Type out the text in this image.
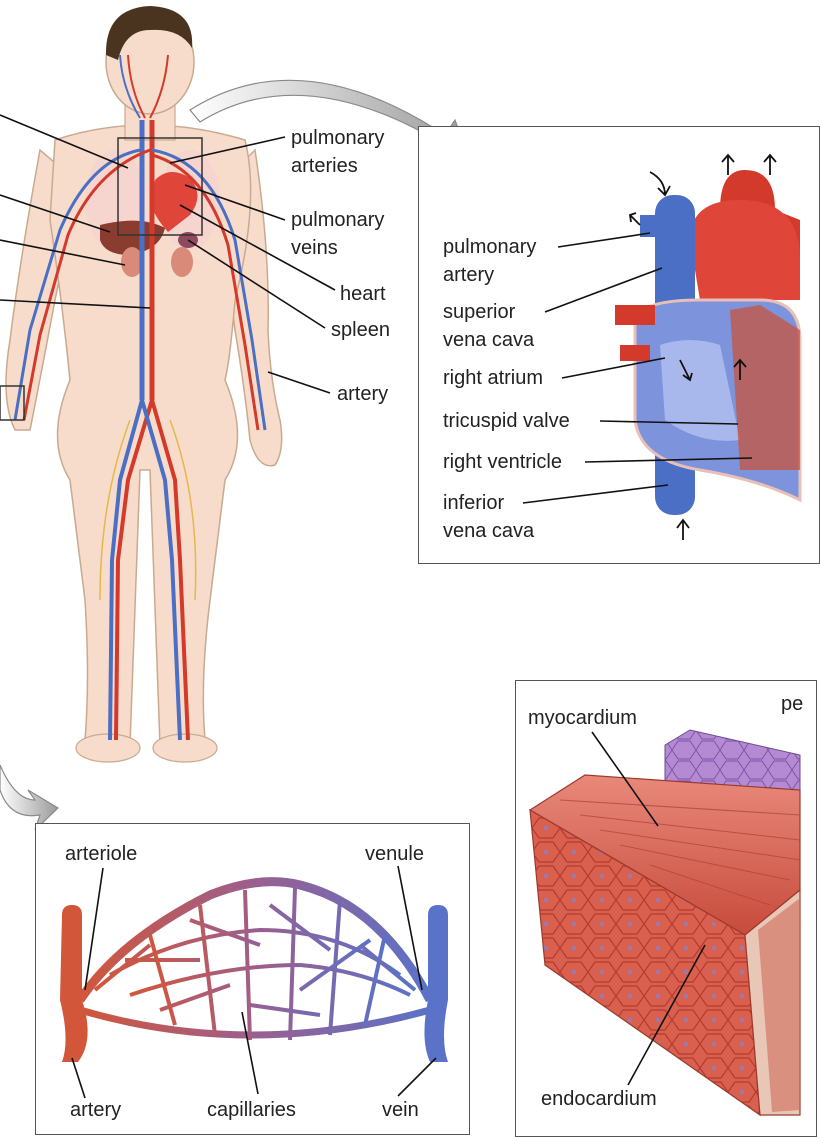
pulmonary
arteries
pulmonary
veins
heart
spleen
artery
pulmonary
artery
superior
vena cava
right atrium
tricuspid valve
right ventricle
inferior
vena cava
myocardium
pe
endocardium
arteriole	venule
artery	capillaries	vein
